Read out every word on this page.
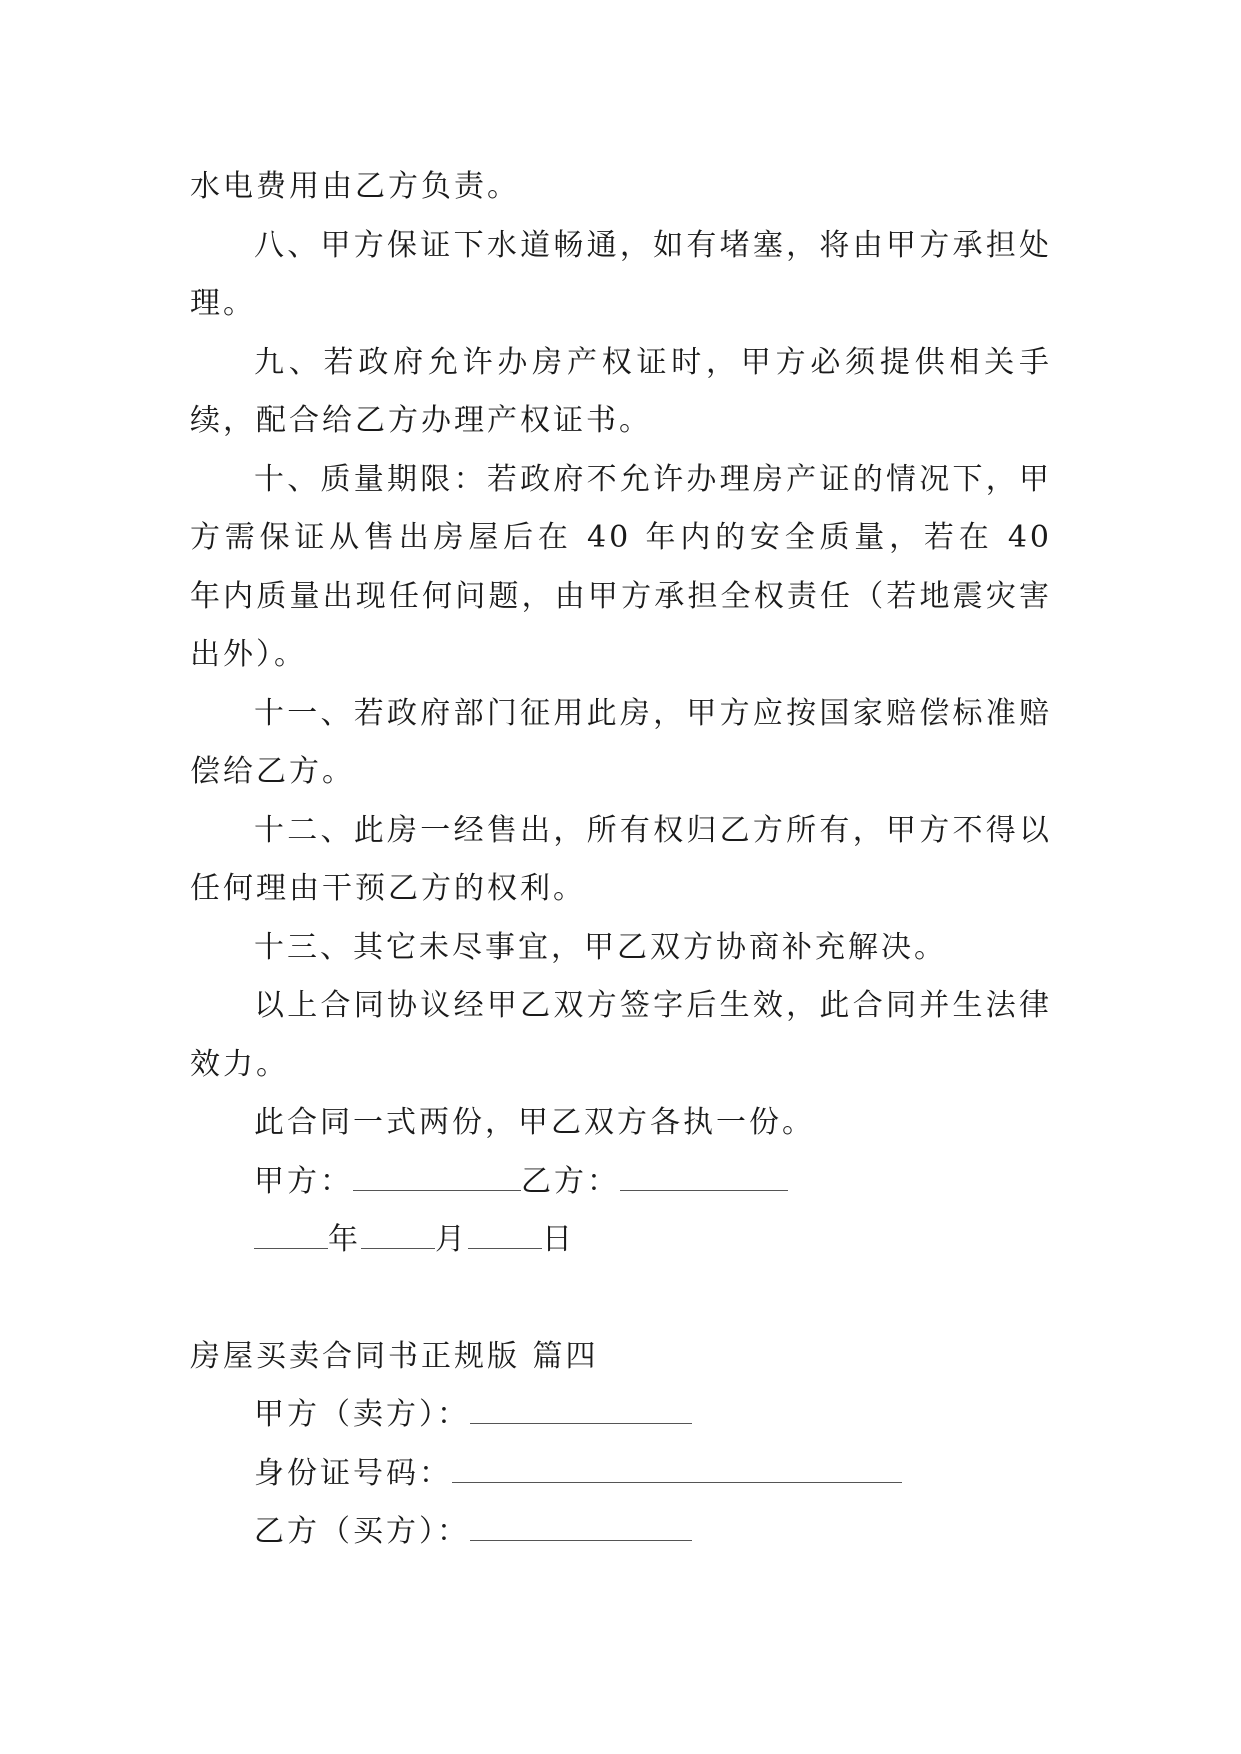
水电费用由乙方负责。

八、甲方保证下水道畅通，如有堵塞，将由甲方承担处理。

九、若政府允许办房产权证时，甲方必须提供相关手续，配合给乙方办理产权证书。

十、质量期限：若政府不允许办理房产证的情况下，甲方需保证从售出房屋后在 40 年内的安全质量，若在 40 年内质量出现任何问题，由甲方承担全权责任（若地震灾害出外）。

十一、若政府部门征用此房，甲方应按国家赔偿标准赔偿给乙方。

十二、此房一经售出，所有权归乙方所有，甲方不得以任何理由干预乙方的权利。

十三、其它未尽事宜，甲乙双方协商补充解决。

以上合同协议经甲乙双方签字后生效，此合同并生法律效力。

此合同一式两份，甲乙双方各执一份。

甲方：	乙方：

年 月 日

房屋买卖合同书正规版 篇四

甲方（卖方）：

身份证号码：

乙方（买方）：
